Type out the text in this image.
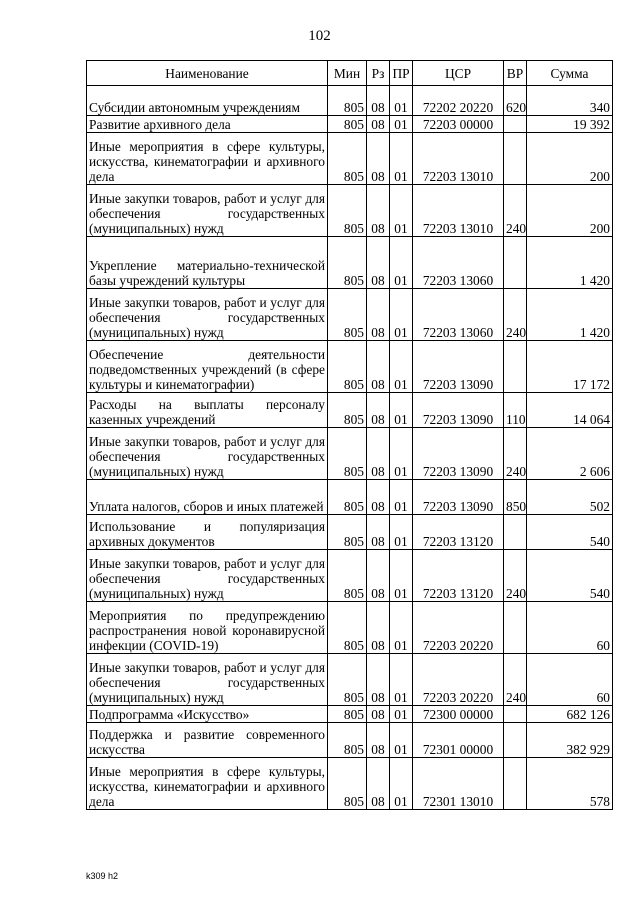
102
Наименование	Мин	Рз	ПР	ЦСР	ВР	Сумма
Субсидии автономным учреждениям	805	08	01	72202 20220	620	340
Развитие архивного дела	805	08	01	72203 00000		19 392
Иные мероприятия в сфере культуры, искусства, кинематографии и архивного дела	805	08	01	72203 13010		200
Иные закупки товаров, работ и услуг для обеспечения государственных (муниципальных) нужд	805	08	01	72203 13010	240	200
Укрепление материально-технической базы учреждений культуры	805	08	01	72203 13060		1 420
Иные закупки товаров, работ и услуг для обеспечения государственных (муниципальных) нужд	805	08	01	72203 13060	240	1 420
Обеспечение деятельности подведомственных учреждений (в сфере культуры и кинематографии)	805	08	01	72203 13090		17 172
Расходы на выплаты персоналу казенных учреждений	805	08	01	72203 13090	110	14 064
Иные закупки товаров, работ и услуг для обеспечения государственных (муниципальных) нужд	805	08	01	72203 13090	240	2 606
Уплата налогов, сборов и иных платежей	805	08	01	72203 13090	850	502
Использование и популяризация архивных документов	805	08	01	72203 13120		540
Иные закупки товаров, работ и услуг для обеспечения государственных (муниципальных) нужд	805	08	01	72203 13120	240	540
Мероприятия по предупреждению распространения новой коронавирусной инфекции (COVID-19)	805	08	01	72203 20220		60
Иные закупки товаров, работ и услуг для обеспечения государственных (муниципальных) нужд	805	08	01	72203 20220	240	60
Подпрограмма «Искусство»	805	08	01	72300 00000		682 126
Поддержка и развитие современного искусства	805	08	01	72301 00000		382 929
Иные мероприятия в сфере культуры, искусства, кинематографии и архивного дела	805	08	01	72301 13010		578
k309 h2
